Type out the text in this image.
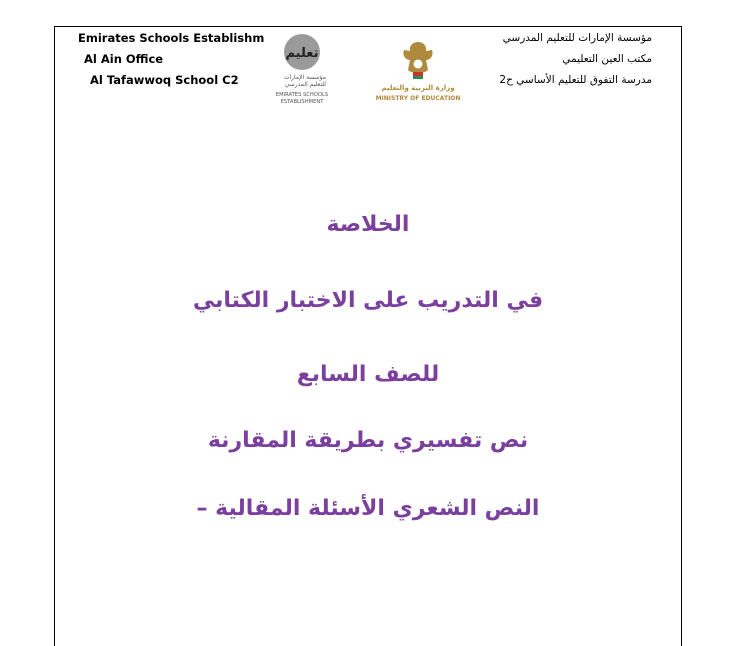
Emirates Schools Establishm
Al Ain Office
Al Tafawwoq School C2
مؤسسة الإمارات للتعليم المدرسي
مكتب العين التعليمي
مدرسة التفوق للتعليم الأساسي ح2
تعليم
مؤسسة الإمارات
للتعليم المدرسي
EMIRATES SCHOOLS
ESTABLISHMENT
وزارة التربية والتعليم
MINISTRY OF EDUCATION
الخلاصة
في التدريب على الاختبار الكتابي
للصف السابع
نص تفسيري بطريقة المقارنة
النص الشعري الأسئلة المقالية –
